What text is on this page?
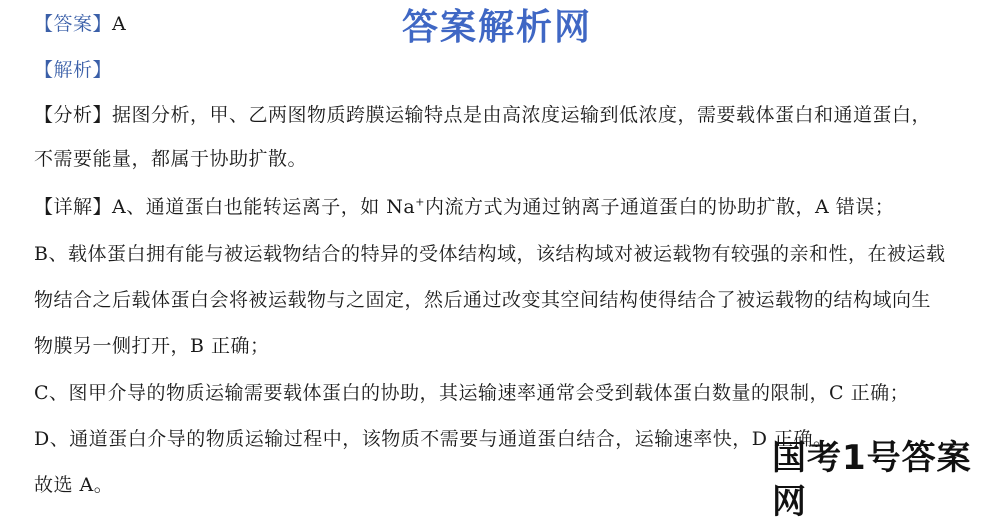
【答案】A	答案解析网
【解析】
【分析】据图分析，甲、乙两图物质跨膜运输特点是由高浓度运输到低浓度，需要载体蛋白和通道蛋白，
不需要能量，都属于协助扩散。
【详解】A、通道蛋白也能转运离子，如 Na+内流方式为通过钠离子通道蛋白的协助扩散，A 错误；
B、载体蛋白拥有能与被运载物结合的特异的受体结构域，该结构域对被运载物有较强的亲和性，在被运载
物结合之后载体蛋白会将被运载物与之固定，然后通过改变其空间结构使得结合了被运载物的结构域向生
物膜另一侧打开，B 正确；
C、图甲介导的物质运输需要载体蛋白的协助，其运输速率通常会受到载体蛋白数量的限制，C 正确；
D、通道蛋白介导的物质运输过程中，该物质不需要与通道蛋白结合，运输速率快，D 正确。
故选 A。
国考1号答案网
